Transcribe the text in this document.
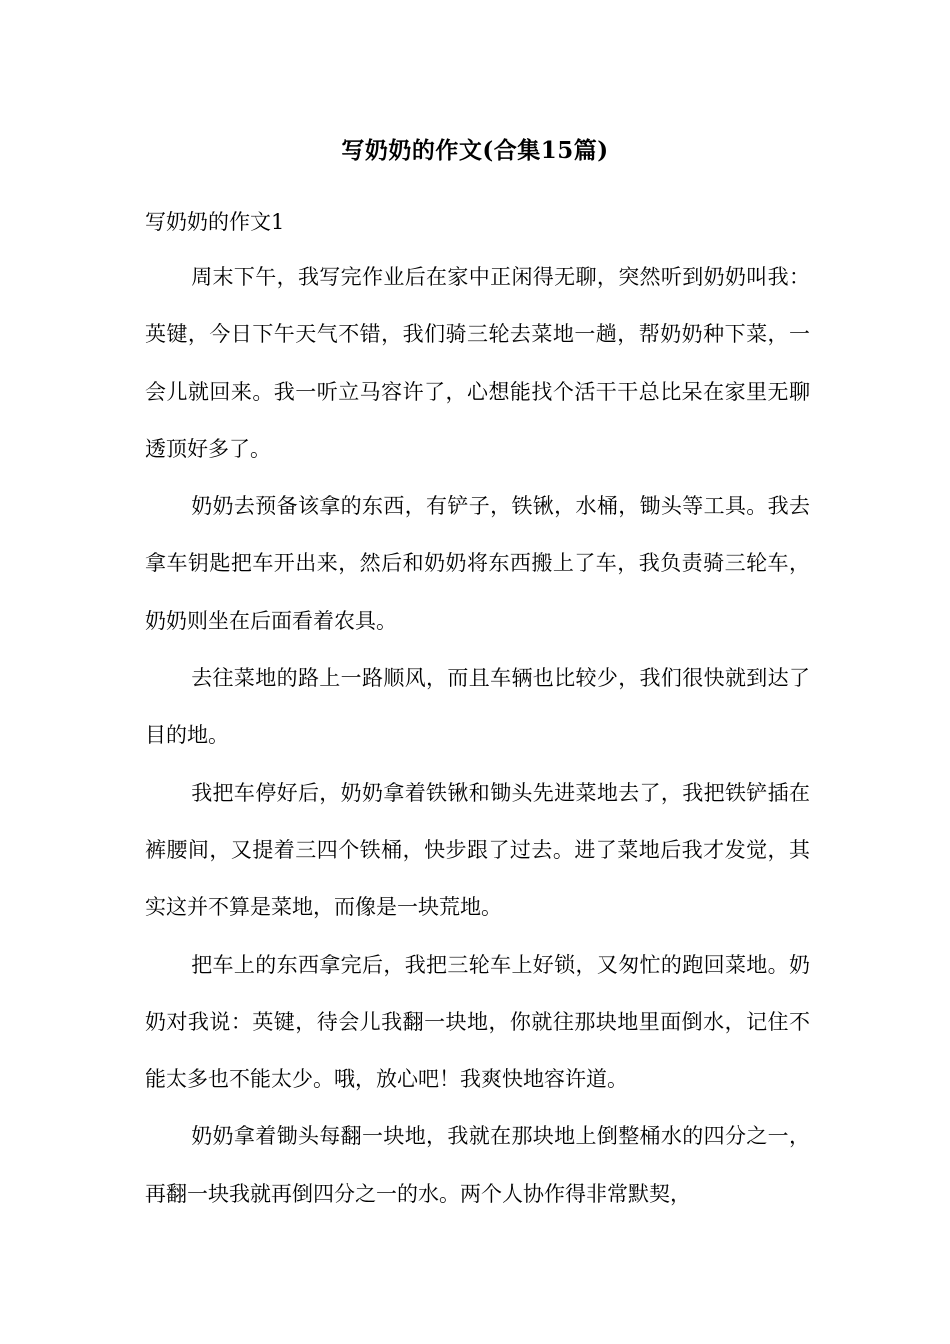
写奶奶的作文(合集15篇)
写奶奶的作文1

周末下午，我写完作业后在家中正闲得无聊，突然听到奶奶叫我：英键，今日下午天气不错，我们骑三轮去菜地一趟，帮奶奶种下菜，一会儿就回来。我一听立马容许了，心想能找个活干干总比呆在家里无聊透顶好多了。

奶奶去预备该拿的东西，有铲子，铁锹，水桶，锄头等工具。我去拿车钥匙把车开出来，然后和奶奶将东西搬上了车，我负责骑三轮车，奶奶则坐在后面看着农具。

去往菜地的路上一路顺风，而且车辆也比较少，我们很快就到达了目的地。

我把车停好后，奶奶拿着铁锹和锄头先进菜地去了，我把铁铲插在裤腰间，又提着三四个铁桶，快步跟了过去。进了菜地后我才发觉，其实这并不算是菜地，而像是一块荒地。

把车上的东西拿完后，我把三轮车上好锁，又匆忙的跑回菜地。奶奶对我说：英键，待会儿我翻一块地，你就往那块地里面倒水，记住不能太多也不能太少。哦，放心吧！我爽快地容许道。

奶奶拿着锄头每翻一块地，我就在那块地上倒整桶水的四分之一，再翻一块我就再倒四分之一的水。两个人协作得非常默契，
